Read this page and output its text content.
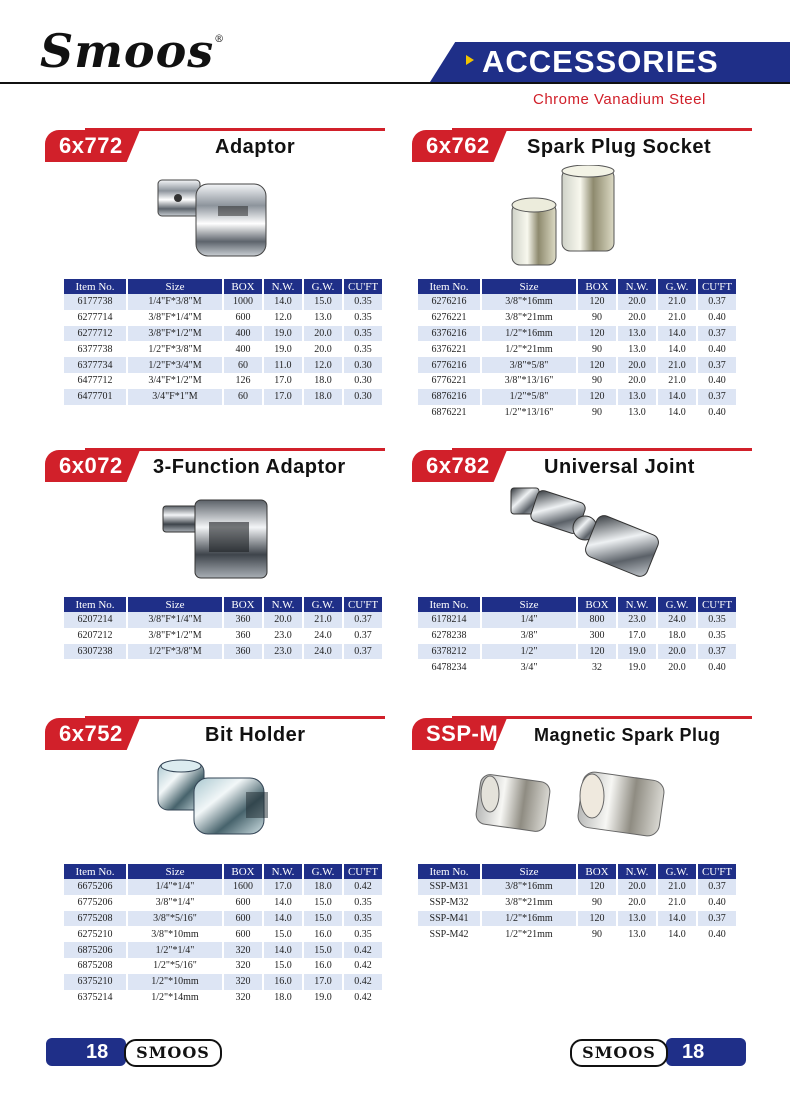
Smoos®
ACCESSORIES
Chrome Vanadium Steel
6x772	Adaptor
Item No.	Size	BOX	N.W.	G.W.	CU'FT
6177738	1/4"F*3/8"M	1000	14.0	15.0	0.35
6277714	3/8"F*1/4"M	600	12.0	13.0	0.35
6277712	3/8"F*1/2"M	400	19.0	20.0	0.35
6377738	1/2"F*3/8"M	400	19.0	20.0	0.35
6377734	1/2"F*3/4"M	60	11.0	12.0	0.30
6477712	3/4"F*1/2"M	126	17.0	18.0	0.30
6477701	3/4"F*1"M	60	17.0	18.0	0.30
6x762 Spark Plug Socket
Item No.	Size	BOX	N.W.	G.W.	CU'FT
6276216	3/8"*16mm	120	20.0	21.0	0.37
6276221	3/8"*21mm	90	20.0	21.0	0.40
6376216	1/2"*16mm	120	13.0	14.0	0.37
6376221	1/2"*21mm	90	13.0	14.0	0.40
6776216	3/8"*5/8"	120	20.0	21.0	0.37
6776221	3/8"*13/16"	90	20.0	21.0	0.40
6876216	1/2"*5/8"	120	13.0	14.0	0.37
6876221	1/2"*13/16"	90	13.0	14.0	0.40
6x072 3-Function Adaptor
Item No.	Size	BOX	N.W.	G.W.	CU'FT
6207214	3/8"F*1/4"M	360	20.0	21.0	0.37
6207212	3/8"F*1/2"M	360	23.0	24.0	0.37
6307238	1/2"F*3/8"M	360	23.0	24.0	0.37
6x782	Universal Joint
Item No.	Size	BOX	N.W.	G.W.	CU'FT
6178214	1/4"	800	23.0	24.0	0.35
6278238	3/8"	300	17.0	18.0	0.35
6378212	1/2"	120	19.0	20.0	0.37
6478234	3/4"	32	19.0	20.0	0.40
6x752	Bit Holder
Item No.	Size	BOX	N.W.	G.W.	CU'FT
6675206	1/4"*1/4"	1600	17.0	18.0	0.42
6775206	3/8"*1/4"	600	14.0	15.0	0.35
6775208	3/8"*5/16"	600	14.0	15.0	0.35
6275210	3/8"*10mm	600	15.0	16.0	0.35
6875206	1/2"*1/4"	320	14.0	15.0	0.42
6875208	1/2"*5/16"	320	15.0	16.0	0.42
6375210	1/2"*10mm	320	16.0	17.0	0.42
6375214	1/2"*14mm	320	18.0	19.0	0.42
SSP-M Magnetic Spark Plug
Item No.	Size	BOX	N.W.	G.W.	CU'FT
SSP-M31	3/8"*16mm	120	20.0	21.0	0.37
SSP-M32	3/8"*21mm	90	20.0	21.0	0.40
SSP-M41	1/2"*16mm	120	13.0	14.0	0.37
SSP-M42	1/2"*21mm	90	13.0	14.0	0.40
18	SMOOS	SMOOS	18
